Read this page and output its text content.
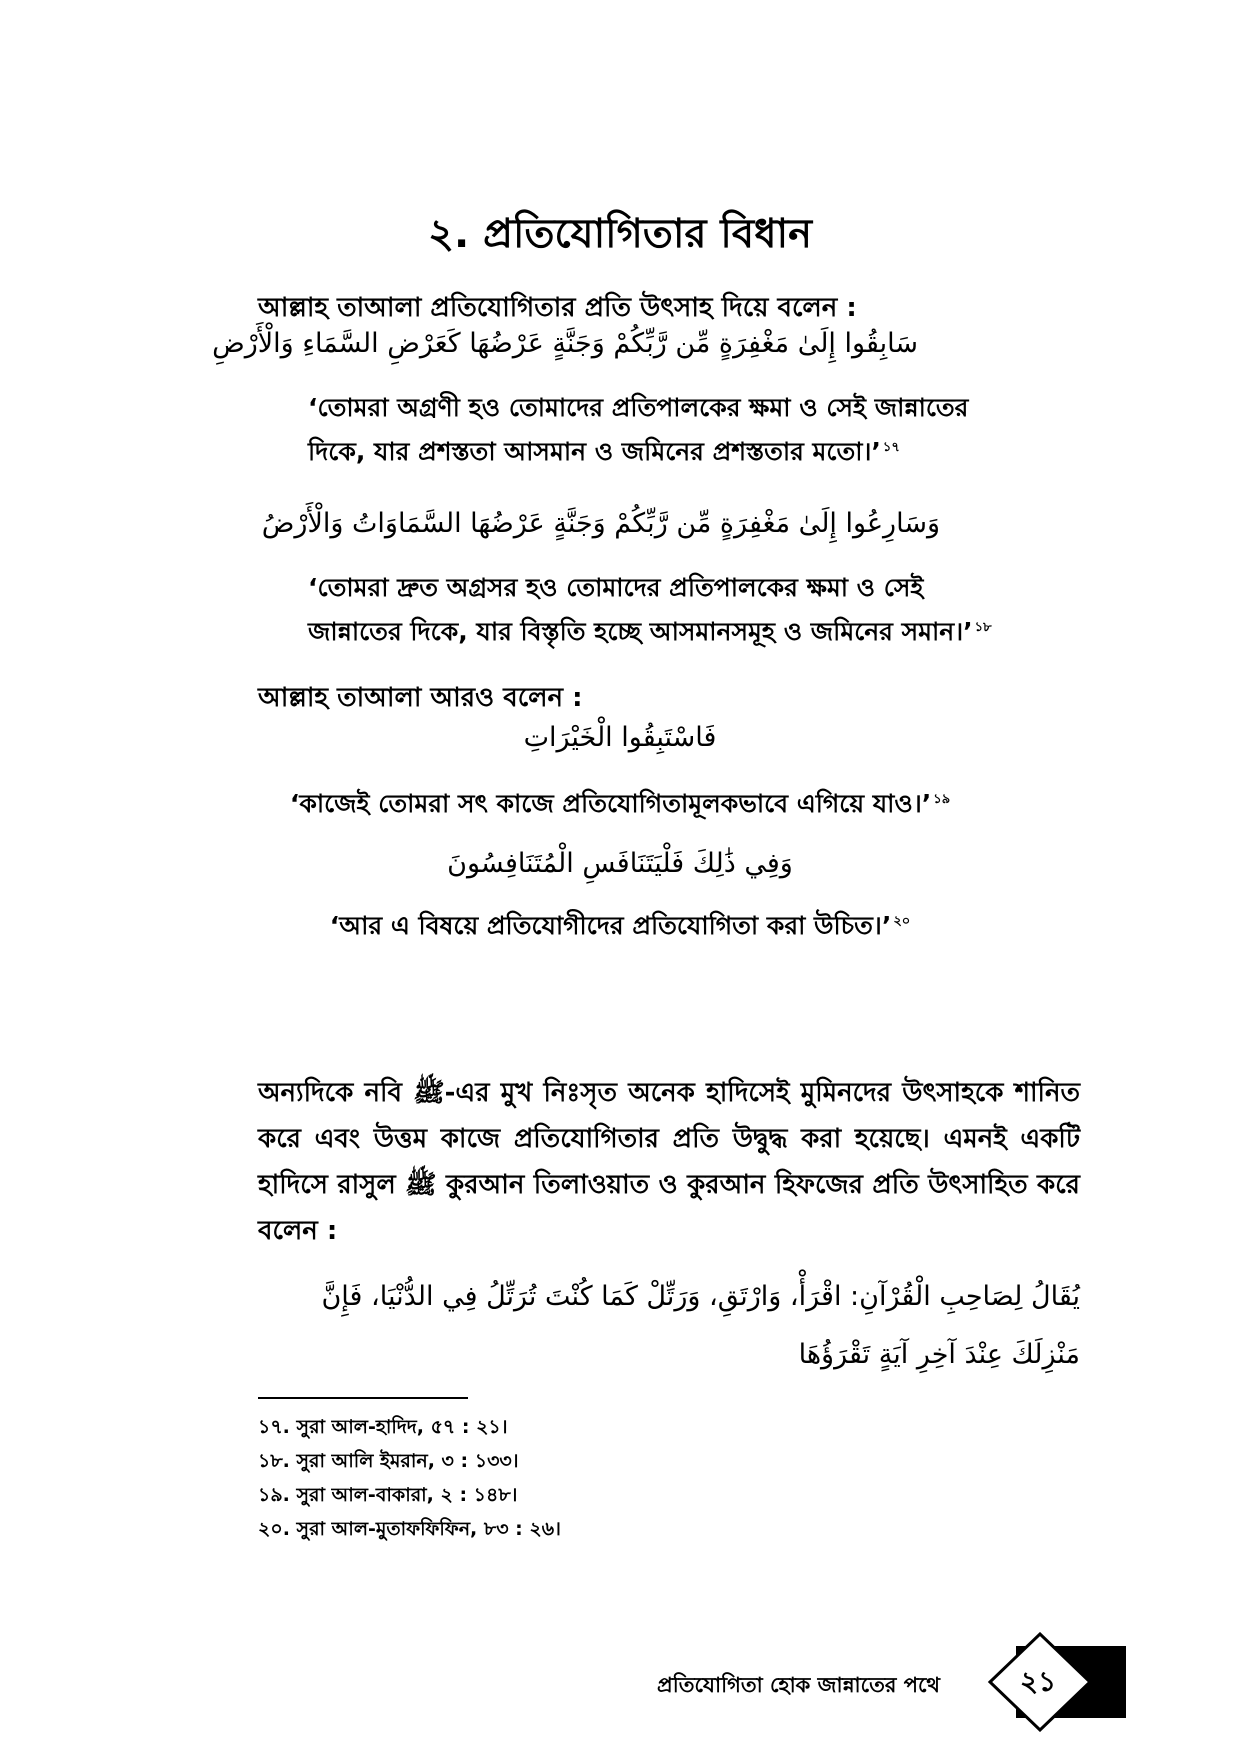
২. প্রতিযোগিতার বিধান
আল্লাহ তাআলা প্রতিযোগিতার প্রতি উৎসাহ দিয়ে বলেন :
سَابِقُوا إِلَىٰ مَغْفِرَةٍ مِّن رَّبِّكُمْ وَجَنَّةٍ عَرْضُهَا كَعَرْضِ السَّمَاءِ وَالْأَرْضِ
‘তোমরা অগ্রণী হও তোমাদের প্রতিপালকের ক্ষমা ও সেই জান্নাতের
দিকে, যার প্রশস্ততা আসমান ও জমিনের প্রশস্ততার মতো।’ $^{১৭}$
وَسَارِعُوا إِلَىٰ مَغْفِرَةٍ مِّن رَّبِّكُمْ وَجَنَّةٍ عَرْضُهَا السَّمَاوَاتُ وَالْأَرْضُ
‘তোমরা দ্রুত অগ্রসর হও তোমাদের প্রতিপালকের ক্ষমা ও সেই
জান্নাতের দিকে, যার বিস্তৃতি হচ্ছে আসমানসমূহ ও জমিনের সমান।’ $^{১৮}$
আল্লাহ তাআলা আরও বলেন :
فَاسْتَبِقُوا الْخَيْرَاتِ
‘কাজেই তোমরা সৎ কাজে প্রতিযোগিতামূলকভাবে এগিয়ে যাও।’ $^{১৯}$
وَفِي ذَٰلِكَ فَلْيَتَنَافَسِ الْمُتَنَافِسُونَ
‘আর এ বিষয়ে প্রতিযোগীদের প্রতিযোগিতা করা উচিত।’ $^{২০}$
অন্যদিকে নবি ﷺ-এর মুখ নিঃসৃত অনেক হাদিসেই মুমিনদের উৎসাহকে শানিত করে এবং উত্তম কাজে প্রতিযোগিতার প্রতি উদ্বুদ্ধ করা হয়েছে। এমনই একটি হাদিসে রাসুল ﷺ কুরআন তিলাওয়াত ও কুরআন হিফজের প্রতি উৎসাহিত করে বলেন :
يُقَالُ لِصَاحِبِ الْقُرْآنِ: اقْرَأْ، وَارْتَقِ، وَرَتِّلْ كَمَا كُنْتَ تُرَتِّلُ فِي الدُّنْيَا، فَإِنَّ مَنْزِلَكَ عِنْدَ آخِرِ آيَةٍ تَقْرَؤُهَا
১৭. সুরা আল-হাদিদ, ৫৭ : ২১।
১৮. সুরা আলি ইমরান, ৩ : ১৩৩।
১৯. সুরা আল-বাকারা, ২ : ১৪৮।
২০. সুরা আল-মুতাফফিফিন, ৮৩ : ২৬।
প্রতিযোগিতা হোক জান্নাতের পথে	২১
